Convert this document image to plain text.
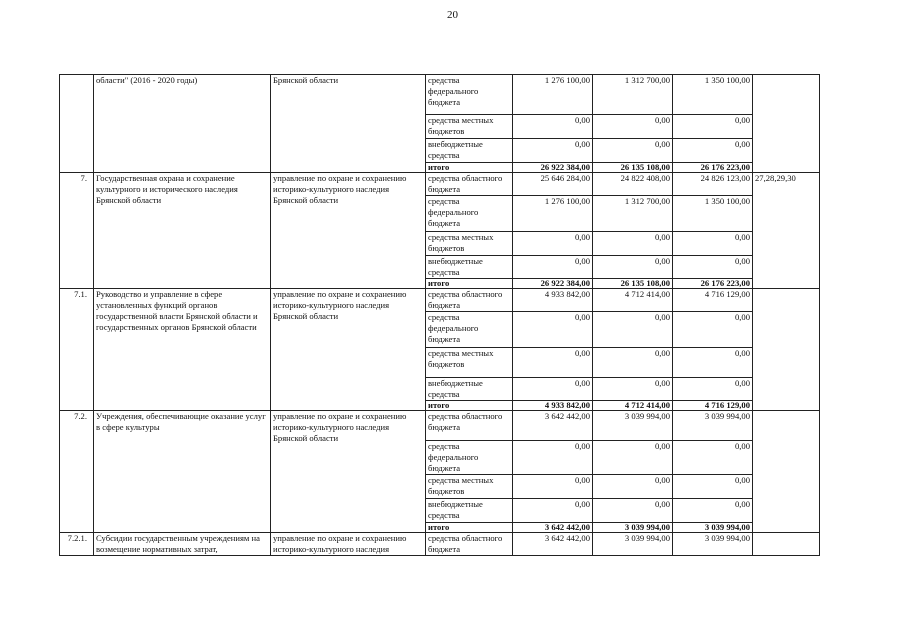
20
	области" (2016 - 2020 годы)	Брянской области	средства федерального бюджета	1 276 100,00	1 312 700,00	1 350 100,00	
			средства местных бюджетов	0,00	0,00	0,00	
			внебюджетные средства	0,00	0,00	0,00	
			итого	26 922 384,00	26 135 108,00	26 176 223,00	
7.	Государственная охрана и сохранение культурного и исторического наследия Брянской области	управление по охране и сохранению историко-культурного наследия Брянской области	средства областного бюджета	25 646 284,00	24 822 408,00	24 826 123,00	27,28,29,30
			средства федерального бюджета	1 276 100,00	1 312 700,00	1 350 100,00	
			средства местных бюджетов	0,00	0,00	0,00	
			внебюджетные средства	0,00	0,00	0,00	
			итого	26 922 384,00	26 135 108,00	26 176 223,00	
7.1.	Руководство и управление в сфере установленных функций органов государственной власти Брянской области и государственных органов Брянской области	управление по охране и сохранению историко-культурного наследия Брянской области	средства областного бюджета	4 933 842,00	4 712 414,00	4 716 129,00	
			средства федерального бюджета	0,00	0,00	0,00	
			средства местных бюджетов	0,00	0,00	0,00	
			внебюджетные средства	0,00	0,00	0,00	
			итого	4 933 842,00	4 712 414,00	4 716 129,00	
7.2.	Учреждения, обеспечивающие оказание услуг в сфере культуры	управление по охране и сохранению историко-культурного наследия Брянской области	средства областного бюджета	3 642 442,00	3 039 994,00	3 039 994,00	
			средства федерального бюджета	0,00	0,00	0,00	
			средства местных бюджетов	0,00	0,00	0,00	
			внебюджетные средства	0,00	0,00	0,00	
			итого	3 642 442,00	3 039 994,00	3 039 994,00	
7.2.1.	Субсидии государственным учреждениям на возмещение нормативных затрат,	управление по охране и сохранению историко-культурного наследия	средства областного бюджета	3 642 442,00	3 039 994,00	3 039 994,00	
